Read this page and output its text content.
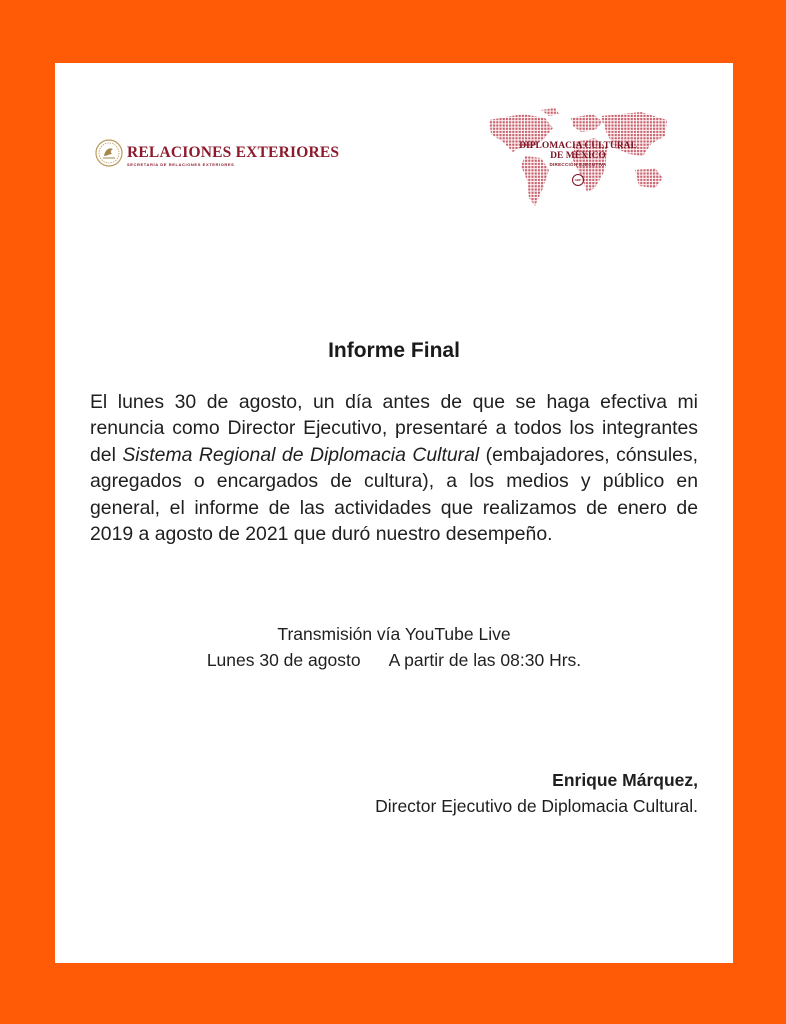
RELACIONES EXTERIORES
SECRETARÍA DE RELACIONES EXTERIORES
DIPLOMACIA CULTURAL
DE MÉXICO
DIRECCIÓN EJECUTIVA
SRE
Informe Final

El lunes 30 de agosto, un día antes de que se haga efectiva mi renuncia como Director Ejecutivo, presentaré a todos los integrantes del Sistema Regional de Diplomacia Cultural (embajadores, cónsules, agregados o encargados de cultura), a los medios y público en general, el informe de las actividades que realizamos de enero de 2019 a agosto de 2021 que duró nuestro desempeño.

Transmisión vía YouTube Live
Lunes 30 de agosto A partir de las 08:30 Hrs.
Enrique Márquez,
Director Ejecutivo de Diplomacia Cultural.
